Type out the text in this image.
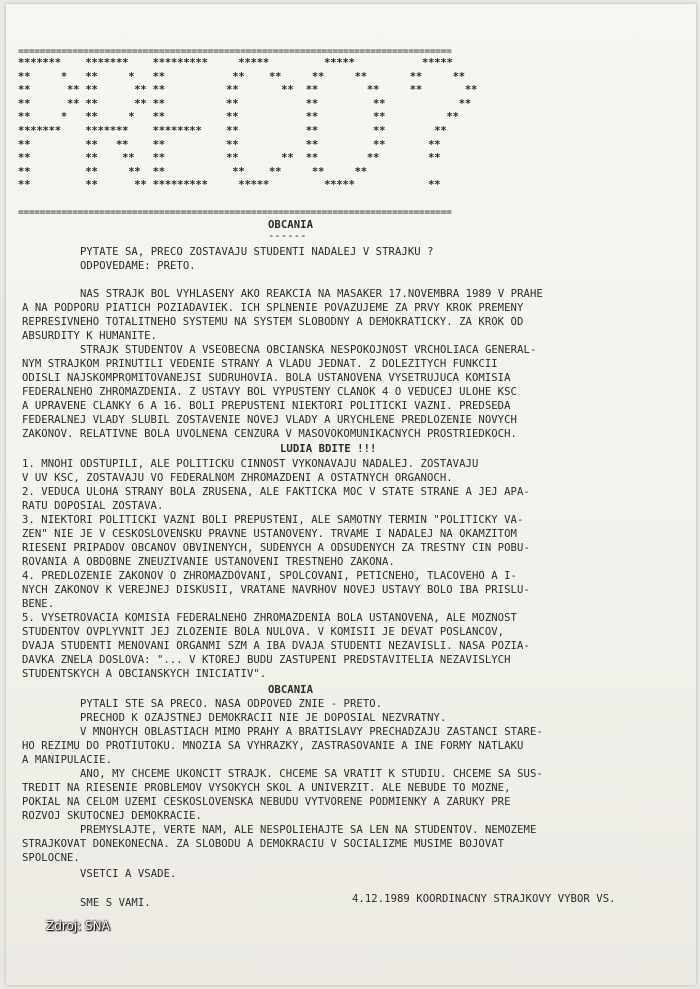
================================================================================
*******    *******    *********     *****         *****           *****
**     *   **     *   **           **    **     **     **       **     **
**      ** **      ** **          **       **  **        **     **       **
**      ** **      ** **          **           **         **            **
**     *   **     *   **          **           **         **          **
*******    *******    ********    **           **         **        **
**         **   **    **          **           **         **       **
**         **    **   **          **       **  **        **        **
**         **     **  **           **    **     **     **
**         **      ** *********     *****         *****            **
================================================================================
OBCANIA
------
PYTATE SA, PRECO ZOSTAVAJU STUDENTI NADALEJ V STRAJKU ?
ODPOVEDAME: PRETO.
NAS STRAJK BOL VYHLASENY AKO REAKCIA NA MASAKER 17.NOVEMBRA 1989 V PRAHE
A NA PODPORU PIATICH POZIADAVIEK. ICH SPLNENIE POVAZUJEME ZA PRVY KROK PREMENY
REPRESIVNEHO TOTALITNEHO SYSTEMU NA SYSTEM SLOBODNY A DEMOKRATICKY. ZA KROK OD
ABSURDITY K HUMANITE.
STRAJK STUDENTOV A VSEOBECNA OBCIANSKA NESPOKOJNOST VRCHOLIACA GENERAL-
NYM STRAJKOM PRINUTILI VEDENIE STRANY A VLADU JEDNAT. Z DOLEZITYCH FUNKCII
ODISLI NAJSKOMPROMITOVANEJSI SUDRUHOVIA. BOLA USTANOVENA VYSETRUJUCA KOMISIA
FEDERALNEHO ZHROMAZDENIA. Z USTAVY BOL VYPUSTENY CLANOK 4 O VEDUCEJ ULOHE KSC
A UPRAVENE CLANKY 6 A 16. BOLI PREPUSTENI NIEKTORI POLITICKI VAZNI. PREDSEDA
FEDERALNEJ VLADY SLUBIL ZOSTAVENIE NOVEJ VLADY A URYCHLENE PREDLOZENIE NOVYCH
ZAKONOV. RELATIVNE BOLA UVOLNENA CENZURA V MASOVOKOMUNIKACNYCH PROSTRIEDKOCH.
LUDIA BDITE !!!
1. MNOHI ODSTUPILI, ALE POLITICKU CINNOST VYKONAVAJU NADALEJ. ZOSTAVAJU
V UV KSC, ZOSTAVAJU VO FEDERALNOM ZHROMAZDENI A OSTATNYCH ORGANOCH.
2. VEDUCA ULOHA STRANY BOLA ZRUSENA, ALE FAKTICKA MOC V STATE STRANE A JEJ APA-
RATU DOPOSIAL ZOSTAVA.
3. NIEKTORI POLITICKI VAZNI BOLI PREPUSTENI, ALE SAMOTNY TERMIN "POLITICKY VA-
ZEN" NIE JE V CESKOSLOVENSKU PRAVNE USTANOVENY. TRVAME I NADALEJ NA OKAMZITOM
RIESENI PRIPADOV OBCANOV OBVINENYCH, SUDENYCH A ODSUDENYCH ZA TRESTNY CIN POBU-
ROVANIA A OBDOBNE ZNEUZIVANIE USTANOVENI TRESTNEHO ZAKONA.
4. PREDLOZENIE ZAKONOV O ZHROMAZDOVANI, SPOLCOVANI, PETICNEHO, TLACOVEHO A I-
NYCH ZAKONOV K VEREJNEJ DISKUSII, VRATANE NAVRHOV NOVEJ USTAVY BOLO IBA PRISLU-
BENE.
5. VYSETROVACIA KOMISIA FEDERALNEHO ZHROMAZDENIA BOLA USTANOVENA, ALE MOZNOST
STUDENTOV OVPLYVNIT JEJ ZLOZENIE BOLA NULOVA. V KOMISII JE DEVAT POSLANCOV,
DVAJA STUDENTI MENOVANI ORGANMI SZM A IBA DVAJA STUDENTI NEZAVISLI. NASA POZIA-
DAVKA ZNELA DOSLOVA: "... V KTOREJ BUDU ZASTUPENI PREDSTAVITELIA NEZAVISLYCH
STUDENTSKYCH A OBCIANSKYCH INICIATIV".
OBCANIA
PYTALI STE SA PRECO. NASA ODPOVED ZNIE - PRETO.
PRECHOD K OZAJSTNEJ DEMOKRACII NIE JE DOPOSIAL NEZVRATNY.
V MNOHYCH OBLASTIACH MIMO PRAHY A BRATISLAVY PRECHADZAJU ZASTANCI STARE-
HO REZIMU DO PROTIUTOKU. MNOZIA SA VYHRAZKY, ZASTRASOVANIE A INE FORMY NATLAKU
A MANIPULACIE.
ANO, MY CHCEME UKONCIT STRAJK. CHCEME SA VRATIT K STUDIU. CHCEME SA SUS-
TREDIT NA RIESENIE PROBLEMOV VYSOKYCH SKOL A UNIVERZIT. ALE NEBUDE TO MOZNE,
POKIAL NA CELOM UZEMI CESKOSLOVENSKA NEBUDU VYTVORENE PODMIENKY A ZARUKY PRE
ROZVOJ SKUTOCNEJ DEMOKRACIE.
PREMYSLAJTE, VERTE NAM, ALE NESPOLIEHAJTE SA LEN NA STUDENTOV. NEMOZEME
STRAJKOVAT DONEKONECNA. ZA SLOBODU A DEMOKRACIU V SOCIALIZME MUSIME BOJOVAT
SPOLOCNE.
VSETCI A VSADE.
SME S VAMI.	4.12.1989 KOORDINACNY STRAJKOVY VYBOR VS.
Zdroj: SNA
